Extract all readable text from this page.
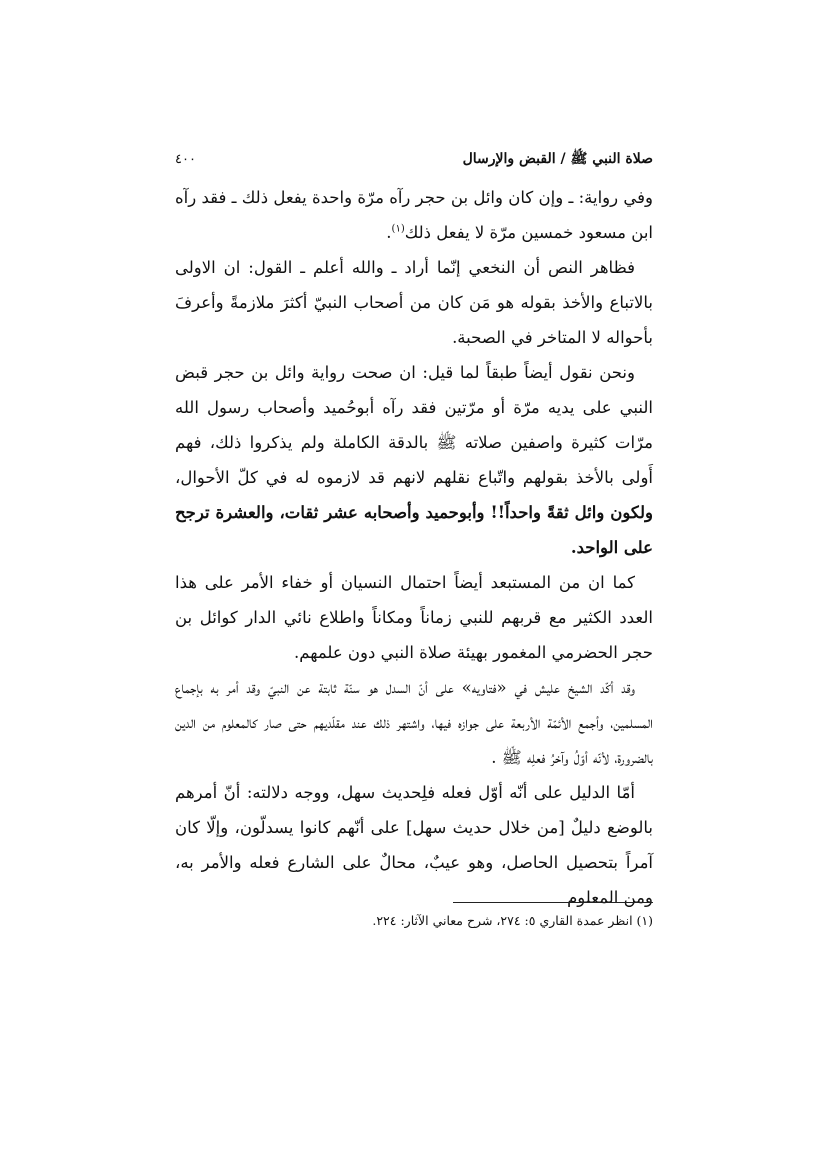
صلاة النبي ﷺ / القبض والإرسال
٤٠٠

وفي رواية: ـ وإن كان وائل بن حجر رآه مرّة واحدة يفعل ذلك ـ فقد رآه ابن مسعود خمسين مرّة لا يفعل ذلك$^{(١)}$.

فظاهر النص أن النخعي إنّما أراد ـ والله أعلم ـ القول: ان الاولى بالاتباع والأخذ بقوله هو مَن كان من أصحاب النبيّ أكثرَ ملازمةً وأعرفَ بأحواله لا المتاخر في الصحبة.

ونحن نقول أيضاً طبقاً لما قيل: ان صحت رواية وائل بن حجر قبض النبي على يديه مرّة أو مرّتين فقد رآه أبوحُميد وأصحاب رسول الله مرّات كثيرة واصفين صلاته ﷺ بالدقة الكاملة ولم يذكروا ذلك، فهم أَولى بالأخذ بقولهم واتّباع نقلهم لانهم قد لازموه له في كلّ الأحوال، ولكون وائل ثقةً واحداً!! وأبوحميد وأصحابه عشر ثقات، والعشرة ترجح على الواحد.

كما ان من المستبعد أيضاً احتمال النسيان أو خفاء الأمر على هذا العدد الكثير مع قربهم للنبي زماناً ومكاناً واطلاع نائي الدار كوائل بن حجر الحضرمي المغمور بهيئة صلاة النبي دون علمهم.

وقد أكّد الشيخ عليش في «فتاويه» على أنّ السدل هو سنّة ثابتة عن النبيّ وقد أمر به بإجماع المسلمين، وأجمع الأئمّة الأربعة على جوازه فيها، واشتهر ذلك عند مقلّديهم حتى صار كالمعلوم من الدين بالضرورة، لأنّه أوّلُ وآخرُ فعلِه ﷺ .

أمّا الدليل على أنّه أوّل فعله فلِحديث سهل، ووجه دلالته: أنّ أمرهم بالوضع دليلٌ [من خلال حديث سهل] على أنّهم كانوا يسدلّون، وإلّا كان آمراً بتحصيل الحاصل، وهو عيبٌ، محالٌ على الشارع فعله والأمر به، ومن المعلوم

(١) انظر عمدة القاري ٥: ٢٧٤، شرح معاني الآثار: ٢٢٤.
